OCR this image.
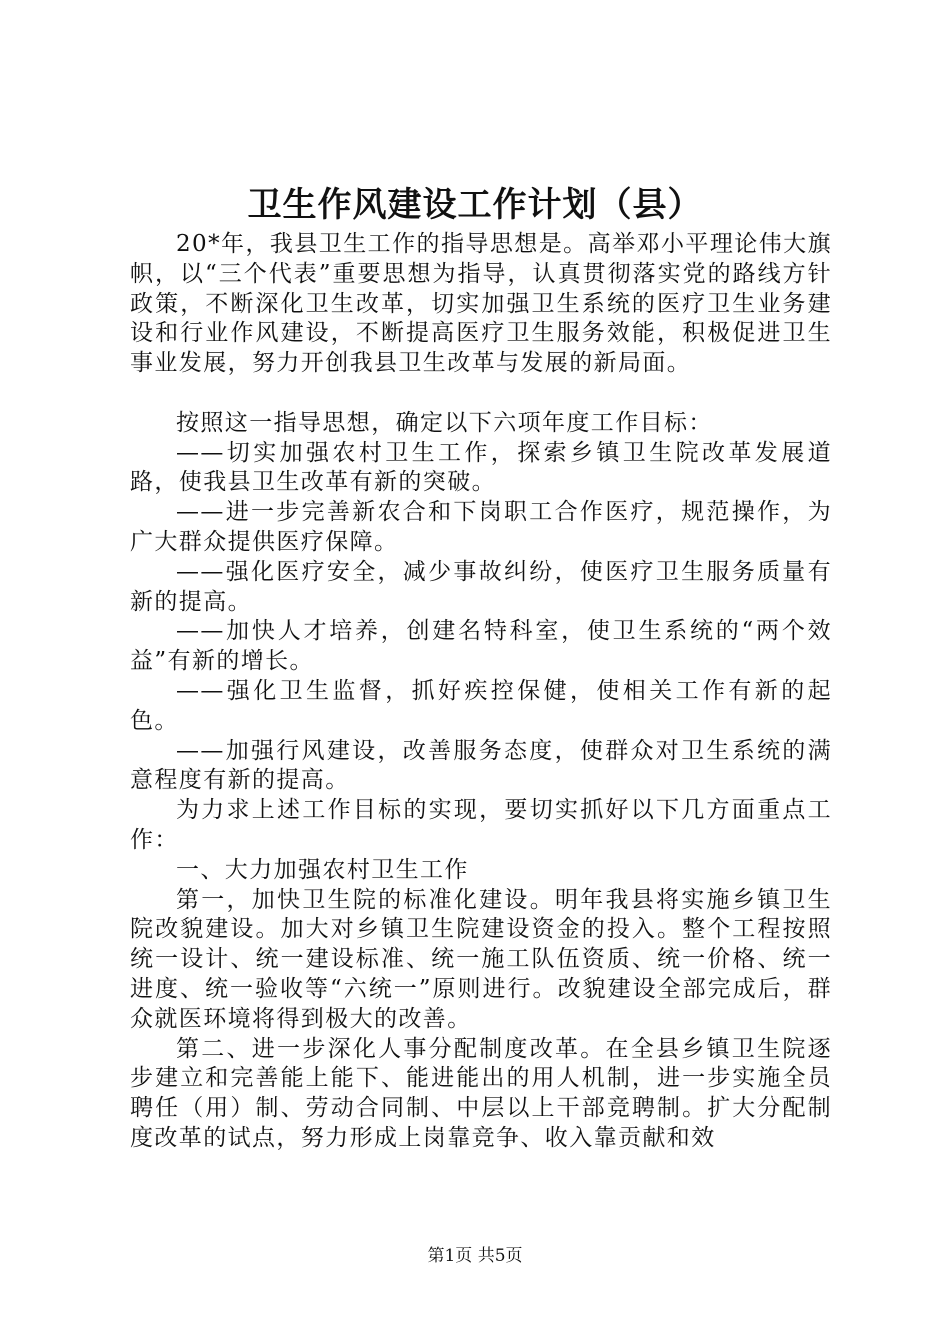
卫生作风建设工作计划（县）

20*年，我县卫生工作的指导思想是。高举邓小平理论伟大旗帜，以“三个代表”重要思想为指导，认真贯彻落实党的路线方针政策，不断深化卫生改革，切实加强卫生系统的医疗卫生业务建设和行业作风建设，不断提高医疗卫生服务效能，积极促进卫生事业发展，努力开创我县卫生改革与发展的新局面。

按照这一指导思想，确定以下六项年度工作目标：

——切实加强农村卫生工作，探索乡镇卫生院改革发展道路，使我县卫生改革有新的突破。

——进一步完善新农合和下岗职工合作医疗，规范操作，为广大群众提供医疗保障。

——强化医疗安全，减少事故纠纷，使医疗卫生服务质量有新的提高。

——加快人才培养，创建名特科室，使卫生系统的“两个效益”有新的增长。

——强化卫生监督，抓好疾控保健，使相关工作有新的起色。

——加强行风建设，改善服务态度，使群众对卫生系统的满意程度有新的提高。

为力求上述工作目标的实现，要切实抓好以下几方面重点工作：

一、大力加强农村卫生工作

第一，加快卫生院的标准化建设。明年我县将实施乡镇卫生院改貌建设。加大对乡镇卫生院建设资金的投入。整个工程按照统一设计、统一建设标准、统一施工队伍资质、统一价格、统一进度、统一验收等“六统一”原则进行。改貌建设全部完成后，群众就医环境将得到极大的改善。

第二、进一步深化人事分配制度改革。在全县乡镇卫生院逐步建立和完善能上能下、能进能出的用人机制，进一步实施全员聘任（用）制、劳动合同制、中层以上干部竞聘制。扩大分配制度改革的试点，努力形成上岗靠竞争、收入靠贡献和效

第1页 共5页
